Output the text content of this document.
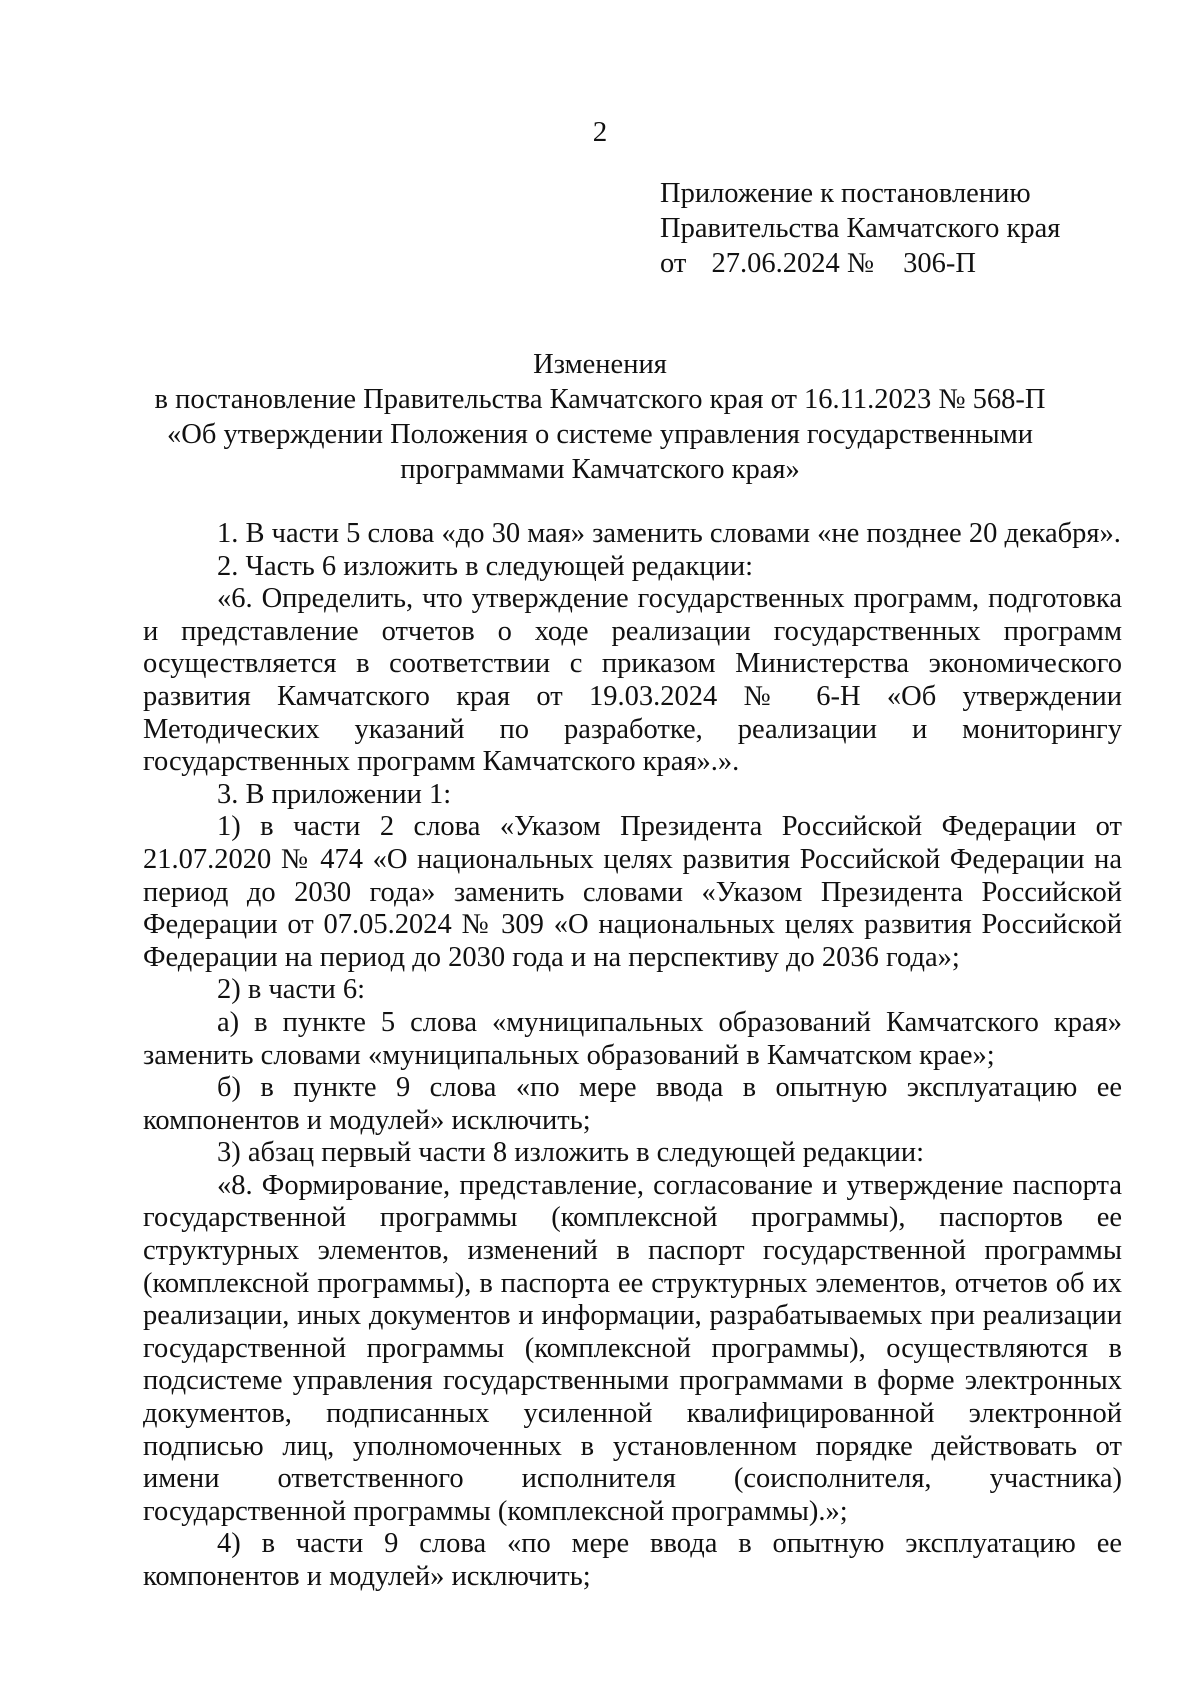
2
Приложение к постановлению
Правительства Камчатского края
от 27.06.2024 № 306-П
Изменения
в постановление Правительства Камчатского края от 16.11.2023 № 568-П
«Об утверждении Положения о системе управления государственными
программами Камчатского края»

1. В части 5 слова «до 30 мая» заменить словами «не позднее 20 декабря».

2. Часть 6 изложить в следующей редакции:

«6. Определить, что утверждение государственных программ, подготовка и представление отчетов о ходе реализации государственных программ осуществляется в соответствии с приказом Министерства экономического развития Камчатского края от 19.03.2024 № 6-Н «Об утверждении Методических указаний по разработке, реализации и мониторингу государственных программ Камчатского края».».

3. В приложении 1:

1) в части 2 слова «Указом Президента Российской Федерации от 21.07.2020 № 474 «О национальных целях развития Российской Федерации на период до 2030 года» заменить словами «Указом Президента Российской Федерации от 07.05.2024 № 309 «О национальных целях развития Российской Федерации на период до 2030 года и на перспективу до 2036 года»;

2) в части 6:

а) в пункте 5 слова «муниципальных образований Камчатского края» заменить словами «муниципальных образований в Камчатском крае»;

б) в пункте 9 слова «по мере ввода в опытную эксплуатацию ее компонентов и модулей» исключить;

3) абзац первый части 8 изложить в следующей редакции:

«8. Формирование, представление, согласование и утверждение паспорта государственной программы (комплексной программы), паспортов ее структурных элементов, изменений в паспорт государственной программы (комплексной программы), в паспорта ее структурных элементов, отчетов об их реализации, иных документов и информации, разрабатываемых при реализации государственной программы (комплексной программы), осуществляются в подсистеме управления государственными программами в форме электронных документов, подписанных усиленной квалифицированной электронной подписью лиц, уполномоченных в установленном порядке действовать от имени ответственного исполнителя (соисполнителя, участника) государственной программы (комплексной программы).»;

4) в части 9 слова «по мере ввода в опытную эксплуатацию ее компонентов и модулей» исключить;
